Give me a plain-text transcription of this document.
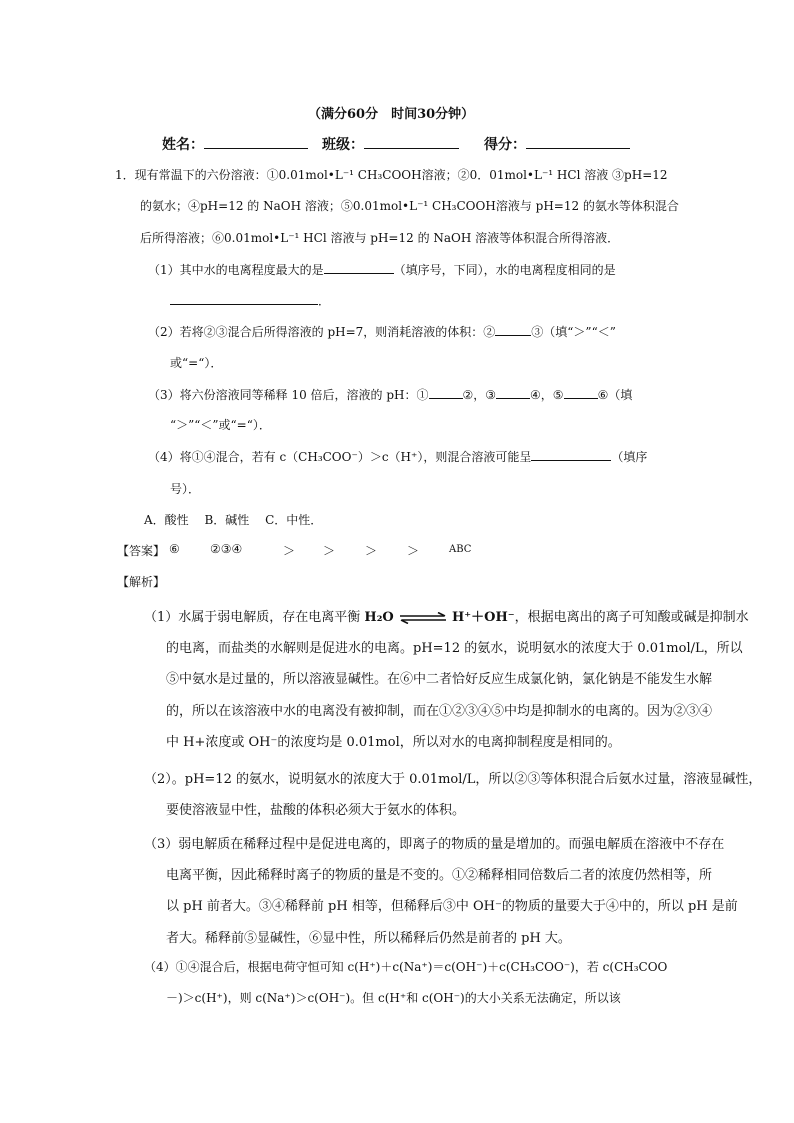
（满分60分　时间30分钟）
姓名：	班级：	得分：
1．现有常温下的六份溶液：①0.01mol•L⁻¹ CH₃COOH溶液；②0．01mol•L⁻¹ HCl 溶液 ③pH=12
的氨水；④pH=12 的 NaOH 溶液；⑤0.01mol•L⁻¹ CH₃COOH溶液与 pH=12 的氨水等体积混合
后所得溶液；⑥0.01mol•L⁻¹ HCl 溶液与 pH=12 的 NaOH 溶液等体积混合所得溶液．
（1）其中水的电离程度最大的是	（填序号，下同），水的电离程度相同的是
．
（2）若将②③混合后所得溶液的 pH=7，则消耗溶液的体积：②	③（填“＞”“＜”
或“=“）．
（3）将六份溶液同等稀释 10 倍后，溶液的 pH：①	②，③	④，⑤	⑥（填
“＞”“＜”或“=“）．
（4）将①④混合，若有 c（CH₃COO⁻）＞c（H⁺），则混合溶液可能呈	（填序
号）．
A．酸性　 B．碱性　 C．中性．
【答案】 ⑥	②③④	＞ ＞ ＞ ＞	ABC
【解析】
（1）水属于弱电解质，存在电离平衡 H₂O ⇌ H⁺＋OH⁻，根据电离出的离子可知酸或碱是抑制水
的电离，而盐类的水解则是促进水的电离。pH=12 的氨水，说明氨水的浓度大于 0.01mol/L，所以
⑤中氨水是过量的，所以溶液显碱性。在⑥中二者恰好反应生成氯化钠，氯化钠是不能发生水解
的，所以在该溶液中水的电离没有被抑制，而在①②③④⑤中均是抑制水的电离的。因为②③④
中 H+浓度或 OH⁻的浓度均是 0.01mol，所以对水的电离抑制程度是相同的。
（2）。pH=12 的氨水，说明氨水的浓度大于 0.01mol/L，所以②③等体积混合后氨水过量，溶液显碱性，
要使溶液显中性，盐酸的体积必须大于氨水的体积。
（3）弱电解质在稀释过程中是促进电离的，即离子的物质的量是增加的。而强电解质在溶液中不存在
电离平衡，因此稀释时离子的物质的量是不变的。①②稀释相同倍数后二者的浓度仍然相等，所
以 pH 前者大。③④稀释前 pH 相等，但稀释后③中 OH⁻的物质的量要大于④中的，所以 pH 是前
者大。稀释前⑤显碱性，⑥显中性，所以稀释后仍然是前者的 pH 大。
（4）①④混合后，根据电荷守恒可知 c(H⁺)＋c(Na⁺)＝c(OH⁻)＋c(CH₃COO⁻)，若 c(CH₃COO
－)＞c(H⁺)，则 c(Na⁺)＞c(OH⁻)。但 c(H⁺和 c(OH⁻)的大小关系无法确定，所以该
